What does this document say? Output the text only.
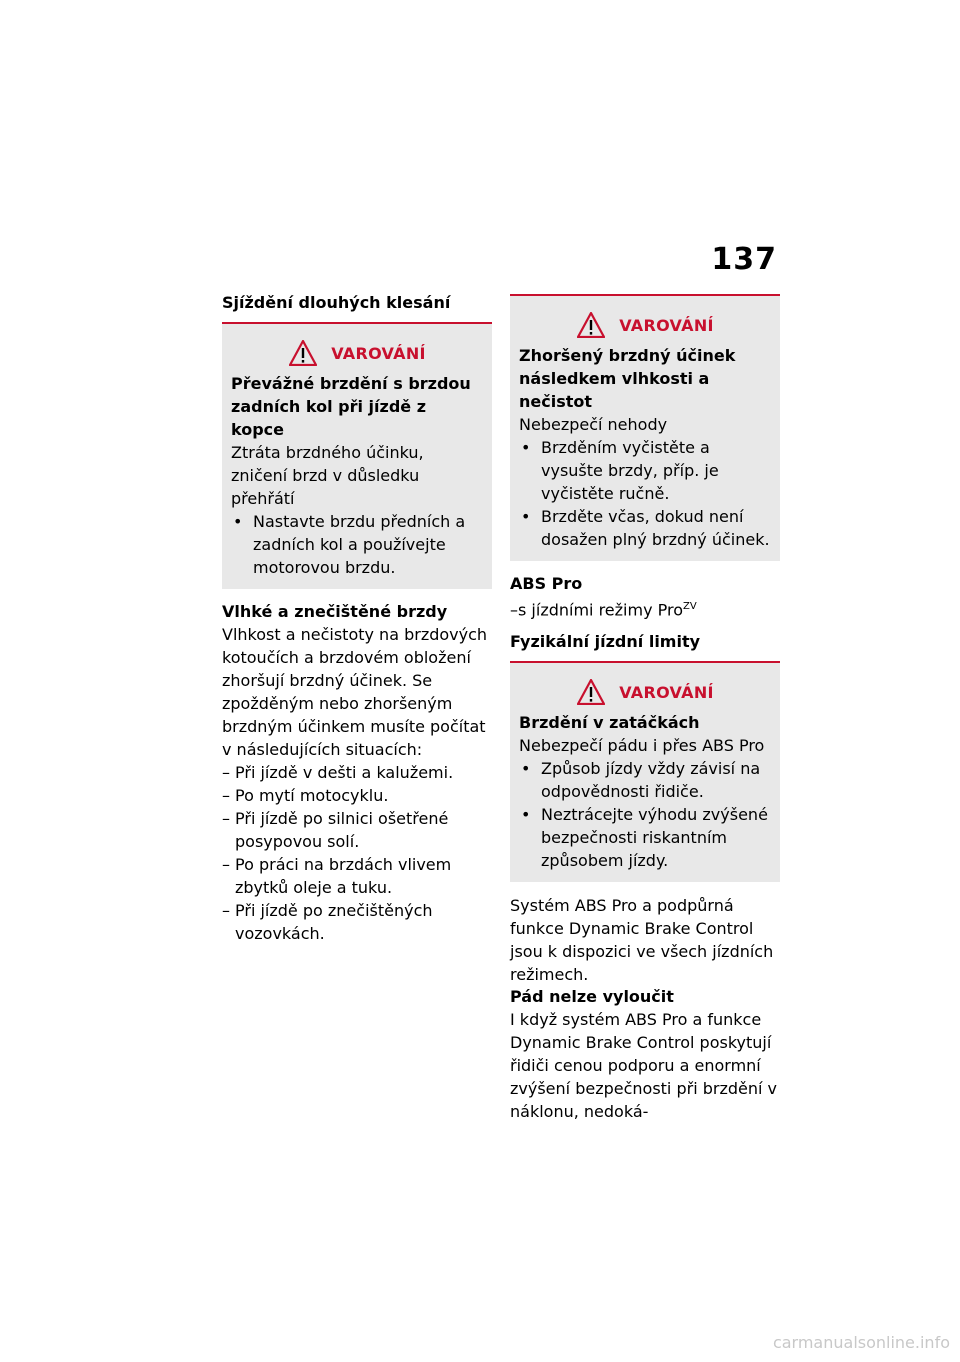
137
Sjíždění dlouhých klesání
VAROVÁNÍ

Převážné brzdění s brzdou zadních kol při jízdě z kopce

Ztráta brzdného účinku, zničení brzd v důsledku přehřátí

• Nastavte brzdu předních a zadních kol a používejte motorovou brzdu.
Vlhké a znečištěné brzdy

Vlhkost a nečistoty na brzdových kotoučích a brzdovém obložení zhoršují brzdný účinek. Se zpožděným nebo zhoršeným brzdným účinkem musíte počítat v následujících situacích:

– Při jízdě v dešti a kalužemi.
– Po mytí motocyklu.
– Při jízdě po silnici ošetřené posypovou solí.
– Po práci na brzdách vlivem zbytků oleje a tuku.
– Při jízdě po znečištěných vozovkách.
VAROVÁNÍ

Zhoršený brzdný účinek následkem vlhkosti a nečistot

Nebezpečí nehody

• Brzděním vyčistěte a vysušte brzdy, příp. je vyčistěte ručně.
• Brzděte včas, dokud není dosažen plný brzdný účinek.
ABS Pro

–s jízdními režimy Pro$^{ZV}$

Fyzikální jízdní limity
VAROVÁNÍ

Brzdění v zatáčkách

Nebezpečí pádu i přes ABS Pro

• Způsob jízdy vždy závisí na odpovědnosti řidiče.
• Neztrácejte výhodu zvýšené bezpečnosti riskantním způsobem jízdy.

Systém ABS Pro a podpůrná funkce Dynamic Brake Control jsou k dispozici ve všech jízdních režimech.

Pád nelze vyloučit

I když systém ABS Pro a funkce Dynamic Brake Control poskytují řidiči cenou podporu a enormní zvýšení bezpečnosti při brzdění v náklonu, nedoká-

carmanualsonline.info
